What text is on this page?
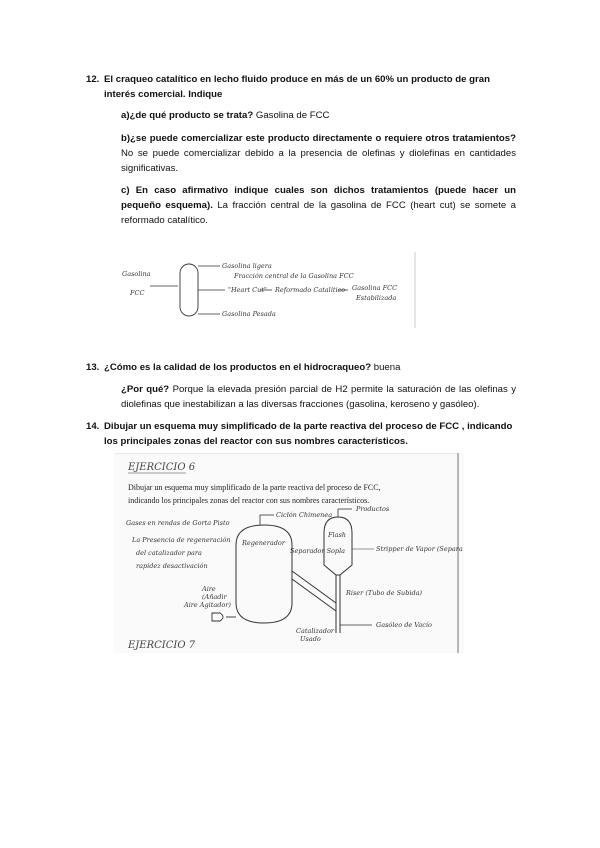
12. El craqueo catalítico en lecho fluido produce en más de un 60% un producto de gran interés comercial. Indique
a)¿de qué producto se trata? Gasolina de FCC
b)¿se puede comercializar este producto directamente o requiere otros tratamientos? No se puede comercializar debido a la presencia de olefinas y diolefinas en cantidades significativas.
c) En caso afirmativo indique cuales son dichos tratamientos (puede hacer un pequeño esquema). La fracción central de la gasolina de FCC (heart cut) se somete a reformado catalítico.
Gasolina
FCC
Gasolina ligera
Fracción central de la Gasolina FCC
"Heart Cut" Reformado Catalítico Gasolina FCC
Estabilizada
Gasolina Pesada
13. ¿Cómo es la calidad de los productos en el hidrocraqueo? buena
¿Por qué? Porque la elevada presión parcial de H2 permite la saturación de las olefinas y diolefinas que inestabilizan a las diversas fracciones (gasolina, keroseno y gasóleo).
14. Dibujar un esquema muy simplificado de la parte reactiva del proceso de FCC , indicando los principales zonas del reactor con sus nombres característicos.
EJERCICIO 6
Dibujar un esquema muy simplificado de la parte reactiva del proceso de FCC,
indicando los principales zonas del reactor con sus nombres característicos.
Gases en rendas de Gorta Pisto
La Presencia de regeneración
del catalizador para
rapidez desactivación
Regenerador
Ciclón Chimenea
Flash
Productos
Separador Sopla	Stripper de Vapor (Separa
Riser (Tubo de Subida)
Aire
(Añadir
Aire Agitador)
Catalizador
Usado
Gasóleo de Vacío
EJERCICIO 7
